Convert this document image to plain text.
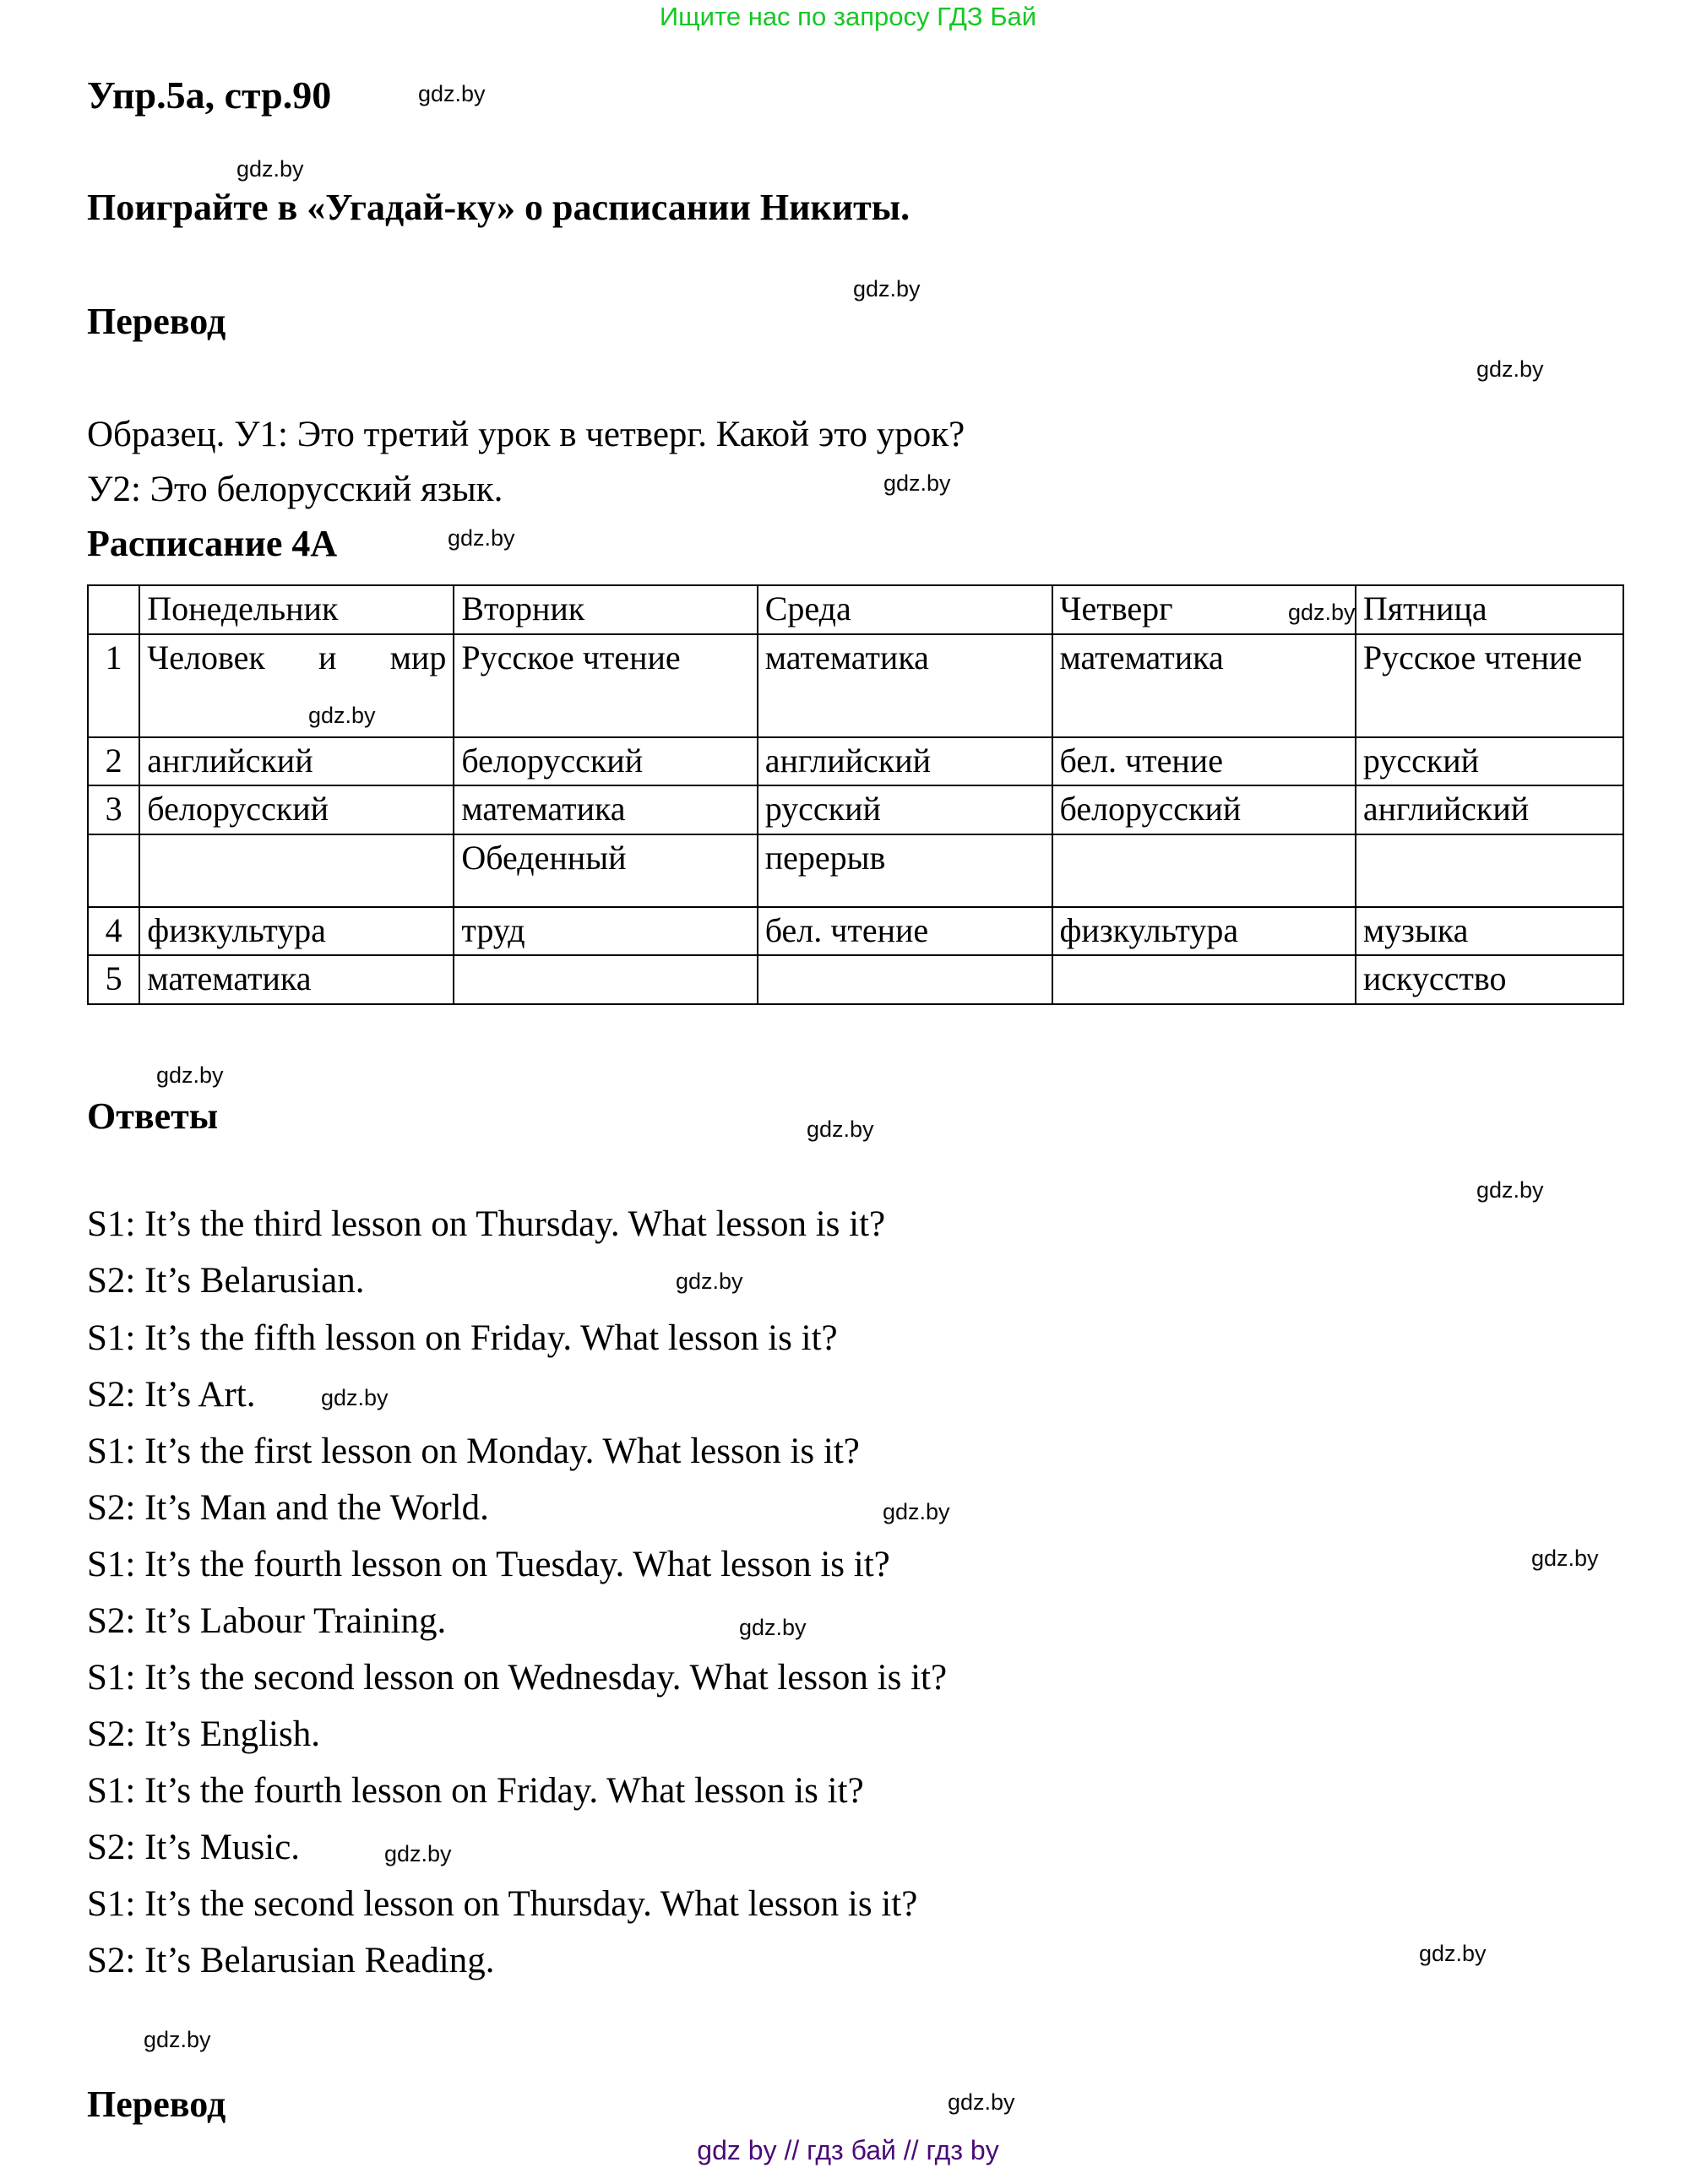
Ищите нас по запросу ГДЗ Бай
Упр.5а, стр.90
Поиграйте в «Угадай-ку» о расписании Никиты.
Перевод
Образец. У1: Это третий урок в четверг. Какой это урок?
У2: Это белорусский язык.
Расписание 4А
	Понедельник	Вторник	Среда	Четверг	Пятница
1	Человек и мир	Русское чтение	математика	математика	Русское чтение
2	английский	белорусский	английский	бел. чтение	русский
3	белорусский	математика	русский	белорусский	английский
		Обеденный	перерыв		
4	физкультура	труд	бел. чтение	физкультура	музыка
5	математика				искусство
Ответы
S1: It’s the third lesson on Thursday. What lesson is it?
S2: It’s Belarusian.
S1: It’s the fifth lesson on Friday. What lesson is it?
S2: It’s Art.
S1: It’s the first lesson on Monday. What lesson is it?
S2: It’s Man and the World.
S1: It’s the fourth lesson on Tuesday. What lesson is it?
S2: It’s Labour Training.
S1: It’s the second lesson on Wednesday. What lesson is it?
S2: It’s English.
S1: It’s the fourth lesson on Friday. What lesson is it?
S2: It’s Music.
S1: It’s the second lesson on Thursday. What lesson is it?
S2: It’s Belarusian Reading.
Перевод
gdz.by
gdz.by
gdz.by
gdz.by
gdz.by
gdz.by
gdz.by
gdz.by
gdz.by
gdz.by
gdz.by
gdz.by
gdz.by
gdz.by
gdz.by
gdz.by
gdz.by
gdz.by
gdz.by
gdz.by
gdz by // гдз бай // гдз by
